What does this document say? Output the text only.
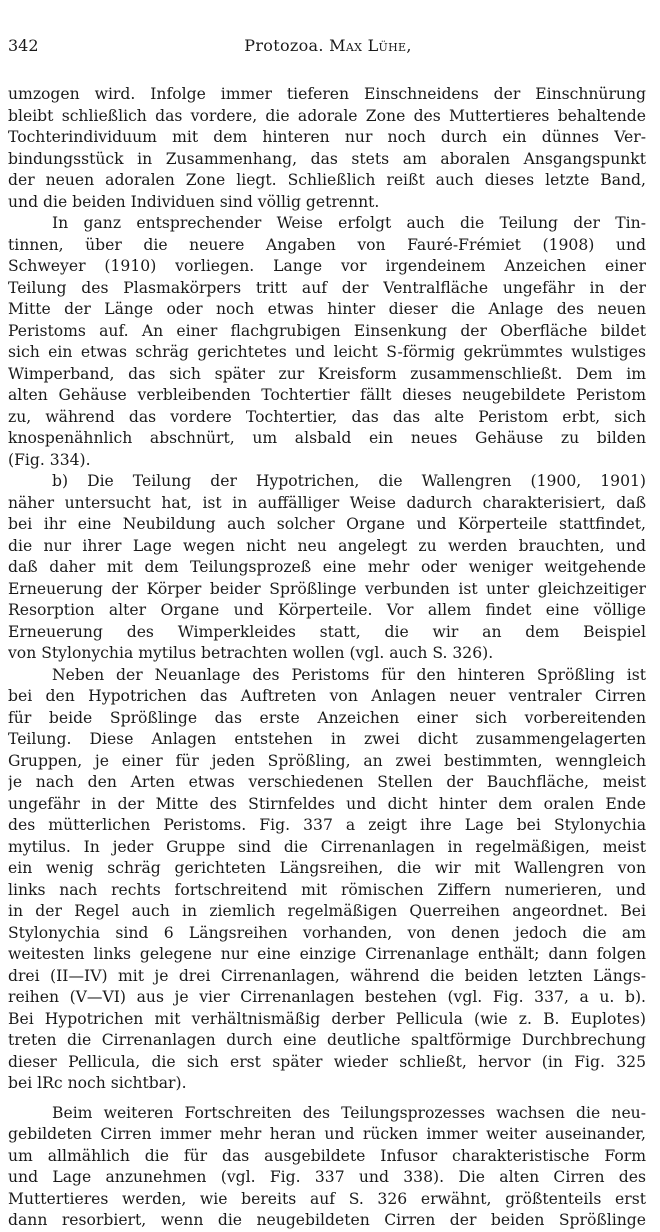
342	Protozoa. Max Lühe,
umzogen wird. Infolge immer tieferen Einschneidens der Einschnürung
bleibt schließlich das vordere, die adorale Zone des Muttertieres behaltende
Tochterindividuum mit dem hinteren nur noch durch ein dünnes Ver-
bindungsstück in Zusammenhang, das stets am aboralen Ansgangspunkt
der neuen adoralen Zone liegt. Schließlich reißt auch dieses letzte Band,
und die beiden Individuen sind völlig getrennt.
In ganz entsprechender Weise erfolgt auch die Teilung der Tin-
tinnen, über die neuere Angaben von Fauré-Frémiet (1908) und
Schweyer (1910) vorliegen. Lange vor irgendeinem Anzeichen einer
Teilung des Plasmakörpers tritt auf der Ventralfläche ungefähr in der
Mitte der Länge oder noch etwas hinter dieser die Anlage des neuen
Peristoms auf. An einer flachgrubigen Einsenkung der Oberfläche bildet
sich ein etwas schräg gerichtetes und leicht S-förmig gekrümmtes wulstiges
Wimperband, das sich später zur Kreisform zusammenschließt. Dem im
alten Gehäuse verbleibenden Tochtertier fällt dieses neugebildete Peristom
zu, während das vordere Tochtertier, das das alte Peristom erbt, sich
knospenähnlich abschnürt, um alsbald ein neues Gehäuse zu bilden
(Fig. 334).
b) Die Teilung der Hypotrichen, die Wallengren (1900, 1901)
näher untersucht hat, ist in auffälliger Weise dadurch charakterisiert, daß
bei ihr eine Neubildung auch solcher Organe und Körperteile stattfindet,
die nur ihrer Lage wegen nicht neu angelegt zu werden brauchten, und
daß daher mit dem Teilungsprozeß eine mehr oder weniger weitgehende
Erneuerung der Körper beider Sprößlinge verbunden ist unter gleichzeitiger
Resorption alter Organe und Körperteile. Vor allem findet eine völlige
Erneuerung des Wimperkleides statt, die wir an dem Beispiel
von Stylonychia mytilus betrachten wollen (vgl. auch S. 326).
Neben der Neuanlage des Peristoms für den hinteren Sprößling ist
bei den Hypotrichen das Auftreten von Anlagen neuer ventraler Cirren
für beide Sprößlinge das erste Anzeichen einer sich vorbereitenden
Teilung. Diese Anlagen entstehen in zwei dicht zusammengelagerten
Gruppen, je einer für jeden Sprößling, an zwei bestimmten, wenngleich
je nach den Arten etwas verschiedenen Stellen der Bauchfläche, meist
ungefähr in der Mitte des Stirnfeldes und dicht hinter dem oralen Ende
des mütterlichen Peristoms. Fig. 337 a zeigt ihre Lage bei Stylonychia
mytilus. In jeder Gruppe sind die Cirrenanlagen in regelmäßigen, meist
ein wenig schräg gerichteten Längsreihen, die wir mit Wallengren von
links nach rechts fortschreitend mit römischen Ziffern numerieren, und
in der Regel auch in ziemlich regelmäßigen Querreihen angeordnet. Bei
Stylonychia sind 6 Längsreihen vorhanden, von denen jedoch die am
weitesten links gelegene nur eine einzige Cirrenanlage enthält; dann folgen
drei (II—IV) mit je drei Cirrenanlagen, während die beiden letzten Längs-
reihen (V—VI) aus je vier Cirrenanlagen bestehen (vgl. Fig. 337, a u. b).
Bei Hypotrichen mit verhältnismäßig derber Pellicula (wie z. B. Euplotes)
treten die Cirrenanlagen durch eine deutliche spaltförmige Durchbrechung
dieser Pellicula, die sich erst später wieder schließt, hervor (in Fig. 325
bei lRc noch sichtbar).
Beim weiteren Fortschreiten des Teilungsprozesses wachsen die neu-
gebildeten Cirren immer mehr heran und rücken immer weiter auseinander,
um allmählich die für das ausgebildete Infusor charakteristische Form
und Lage anzunehmen (vgl. Fig. 337 und 338). Die alten Cirren des
Muttertieres werden, wie bereits auf S. 326 erwähnt, größtenteils erst
dann resorbiert, wenn die neugebildeten Cirren der beiden Sprößlinge
